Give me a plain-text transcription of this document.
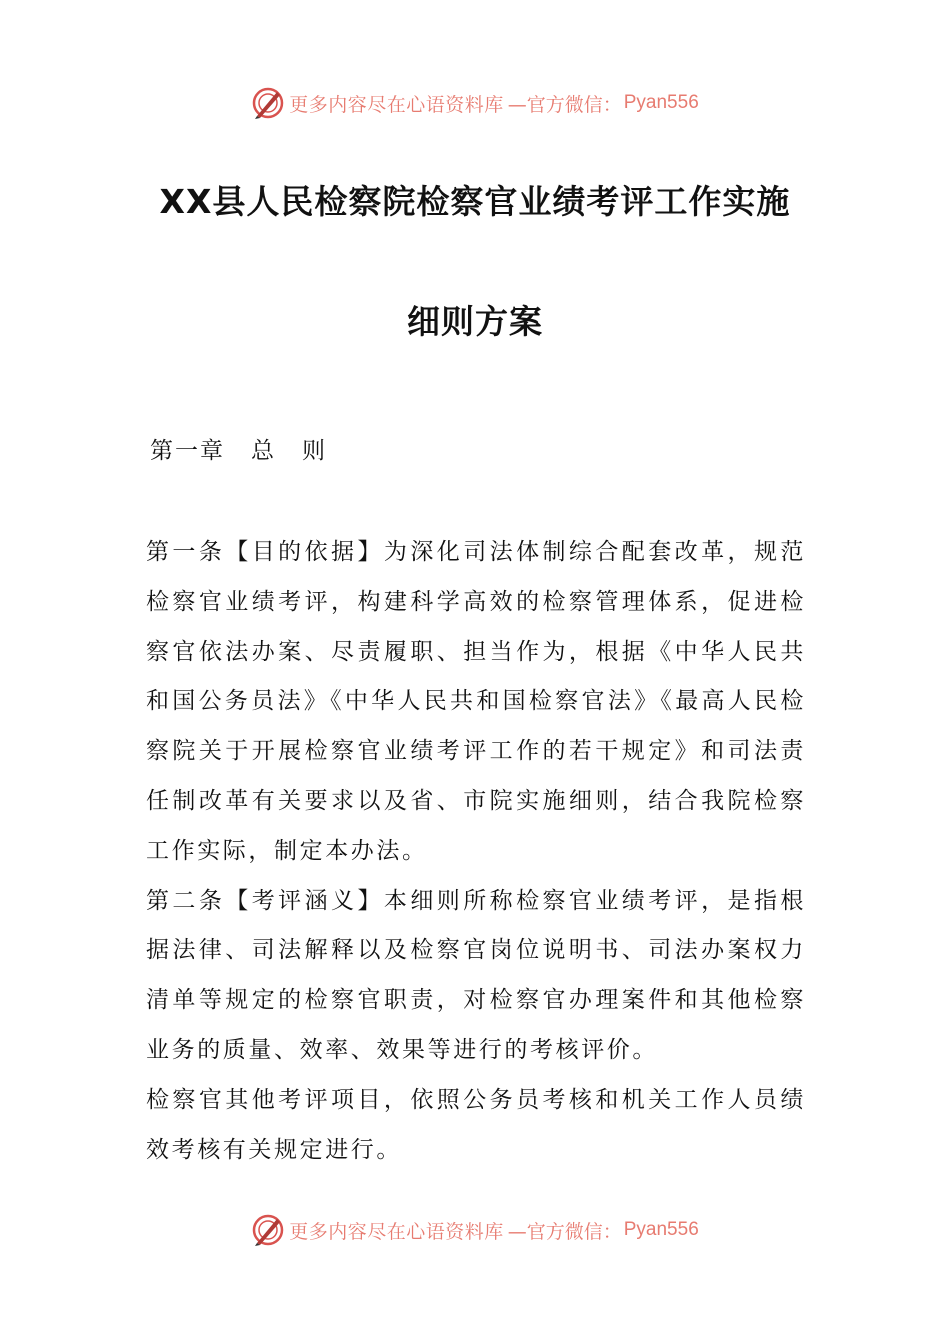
更多内容尽在心语资料库 —官方微信： Pyan556
XX县人民检察院检察官业绩考评工作实施
细则方案
第一章 总 则

第一条【目的依据】为深化司法体制综合配套改革，规范检察官业绩考评，构建科学高效的检察管理体系，促进检察官依法办案、尽责履职、担当作为，根据《中华人民共和国公务员法》《中华人民共和国检察官法》《最高人民检察院关于开展检察官业绩考评工作的若干规定》和司法责任制改革有关要求以及省、市院实施细则，结合我院检察工作实际，制定本办法。

第二条【考评涵义】本细则所称检察官业绩考评，是指根据法律、司法解释以及检察官岗位说明书、司法办案权力清单等规定的检察官职责，对检察官办理案件和其他检察业务的质量、效率、效果等进行的考核评价。

检察官其他考评项目，依照公务员考核和机关工作人员绩效考核有关规定进行。

更多内容尽在心语资料库 —官方微信： Pyan556
